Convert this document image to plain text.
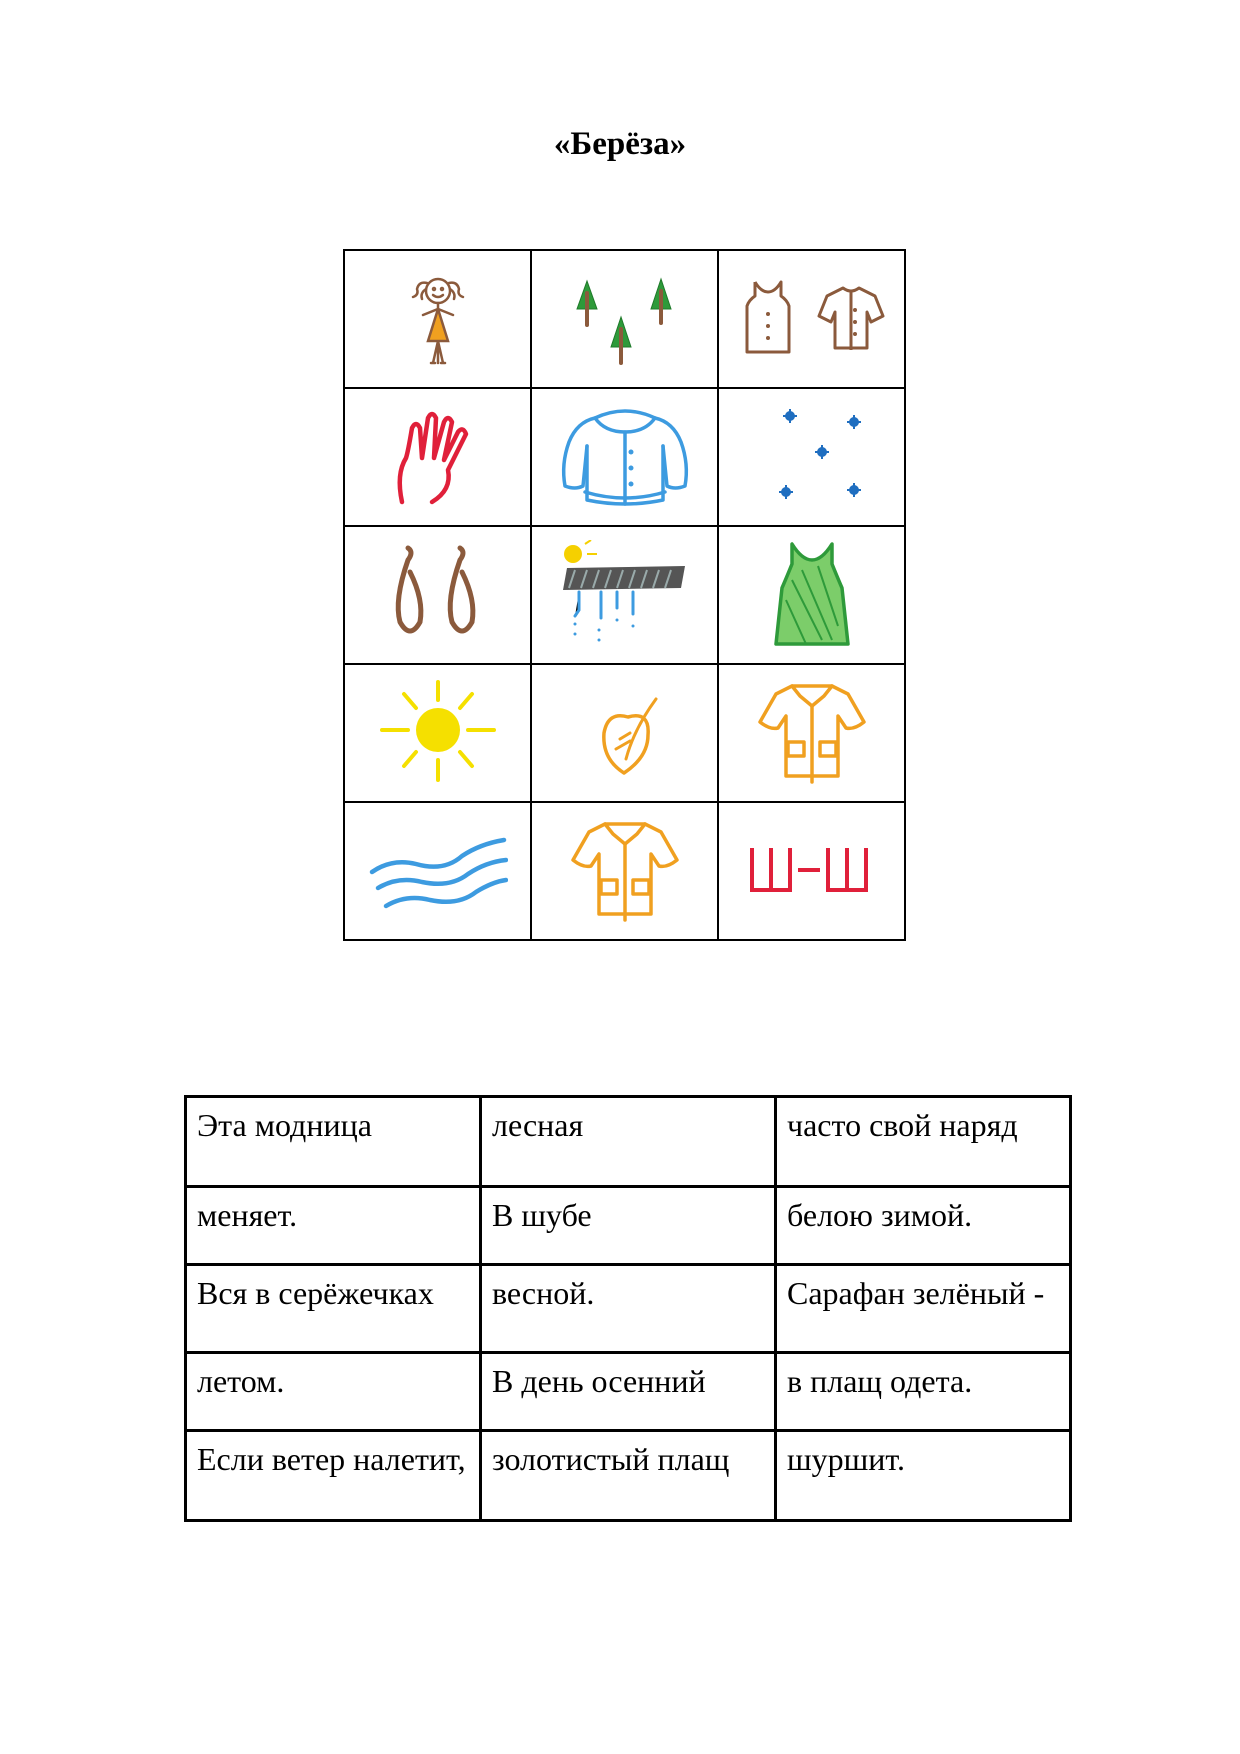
«Берёза»

Эта модница	лесная	часто свой наряд
меняет.	В шубе	белою зимой.
Вся в серёжечках	весной.	Сарафан зелёный -
летом.	В день осенний	в плащ одета.
Если ветер налетит,	золотистый плащ	шуршит.
